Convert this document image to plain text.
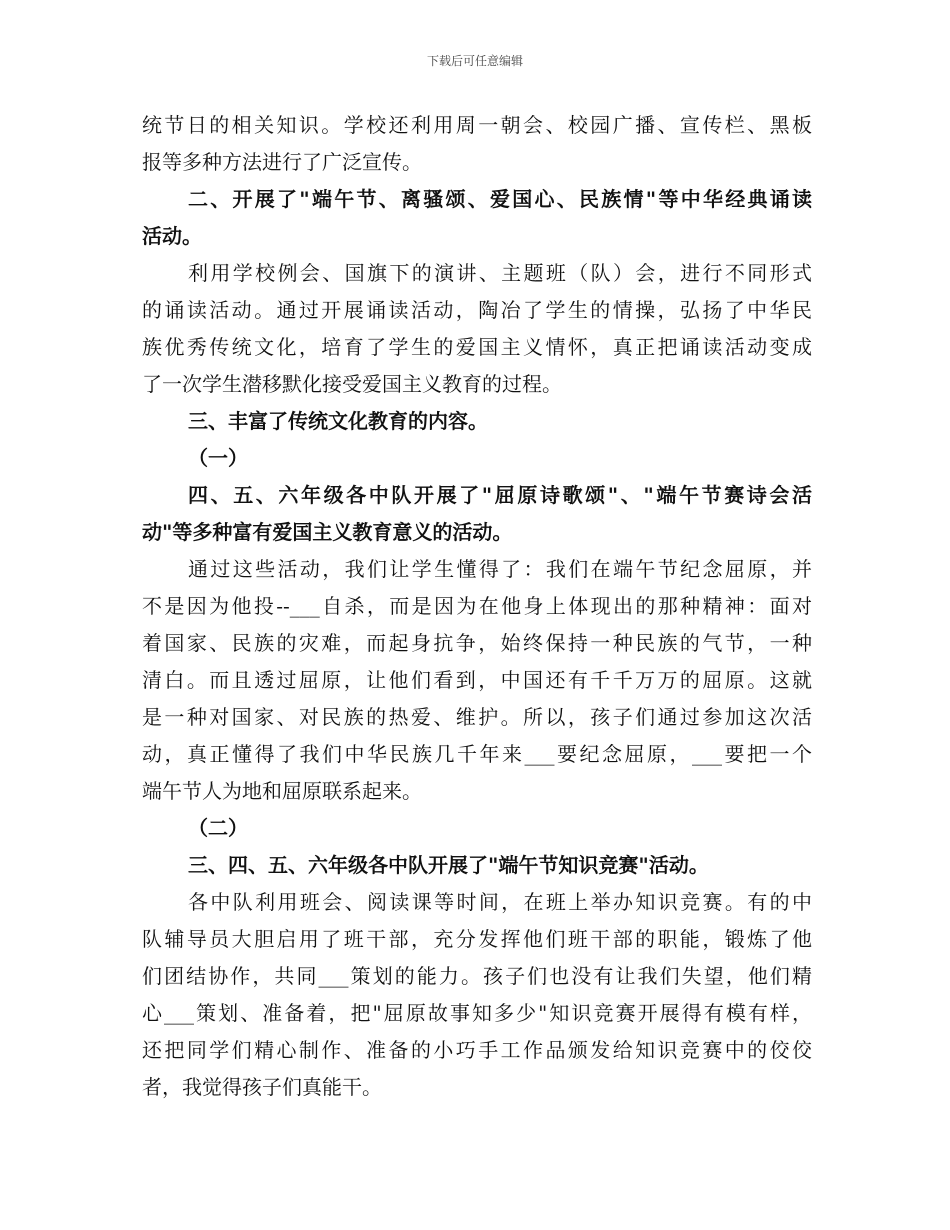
下载后可任意编辑
统节日的相关知识。学校还利用周一朝会、校园广播、宣传栏、黑板
报等多种方法进行了广泛宣传。
二、开展了"端午节、离骚颂、爱国心、民族情"等中华经典诵读
活动。
利用学校例会、国旗下的演讲、主题班（队）会，进行不同形式
的诵读活动。通过开展诵读活动，陶冶了学生的情操，弘扬了中华民
族优秀传统文化，培育了学生的爱国主义情怀，真正把诵读活动变成
了一次学生潜移默化接受爱国主义教育的过程。
三、丰富了传统文化教育的内容。
（一）
四、五、六年级各中队开展了"屈原诗歌颂"、"端午节赛诗会活
动"等多种富有爱国主义教育意义的活动。
通过这些活动，我们让学生懂得了：我们在端午节纪念屈原，并
不是因为他投--___自杀，而是因为在他身上体现出的那种精神：面对
着国家、民族的灾难，而起身抗争，始终保持一种民族的气节，一种
清白。而且透过屈原，让他们看到，中国还有千千万万的屈原。这就
是一种对国家、对民族的热爱、维护。所以，孩子们通过参加这次活
动，真正懂得了我们中华民族几千年来___要纪念屈原，___要把一个
端午节人为地和屈原联系起来。
（二）
三、四、五、六年级各中队开展了"端午节知识竞赛"活动。
各中队利用班会、阅读课等时间，在班上举办知识竞赛。有的中
队辅导员大胆启用了班干部，充分发挥他们班干部的职能，锻炼了他
们团结协作，共同___策划的能力。孩子们也没有让我们失望，他们精
心___策划、准备着，把"屈原故事知多少"知识竞赛开展得有模有样，
还把同学们精心制作、准备的小巧手工作品颁发给知识竞赛中的佼佼
者，我觉得孩子们真能干。
